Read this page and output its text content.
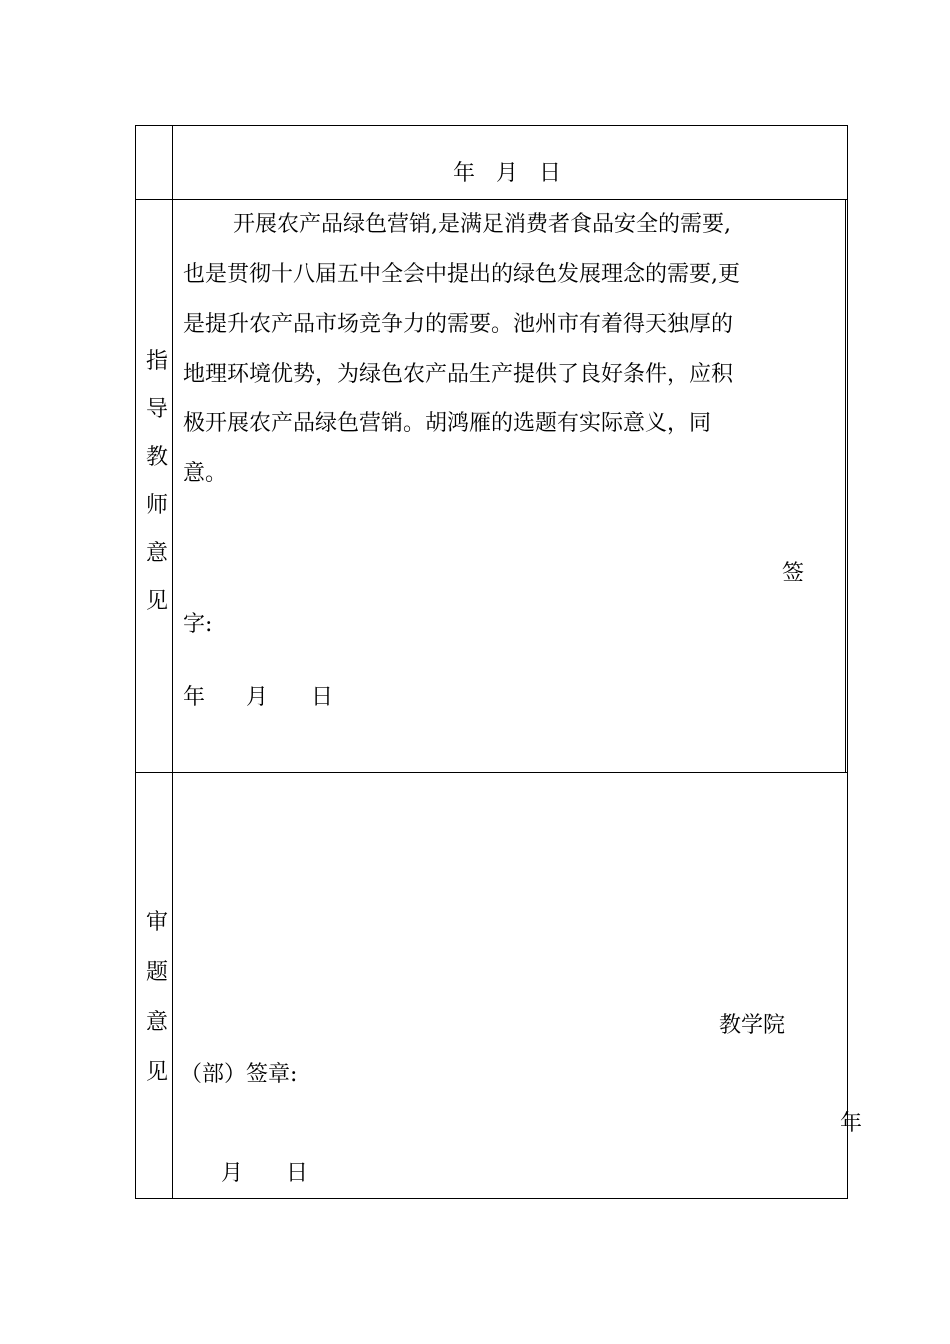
年 月 日
指
导
教
师
意
见
开展农产品绿色营销,是满足消费者食品安全的需要,
也是贯彻十八届五中全会中提出的绿色发展理念的需要,更
是提升农产品市场竞争力的需要。池州市有着得天独厚的
地理环境优势，为绿色农产品生产提供了良好条件，应积
极开展农产品绿色营销。胡鸿雁的选题有实际意义，同
意。
签
字:
年 月 日
审
题
意
见
教学院
（部）签章:
年
月 日
